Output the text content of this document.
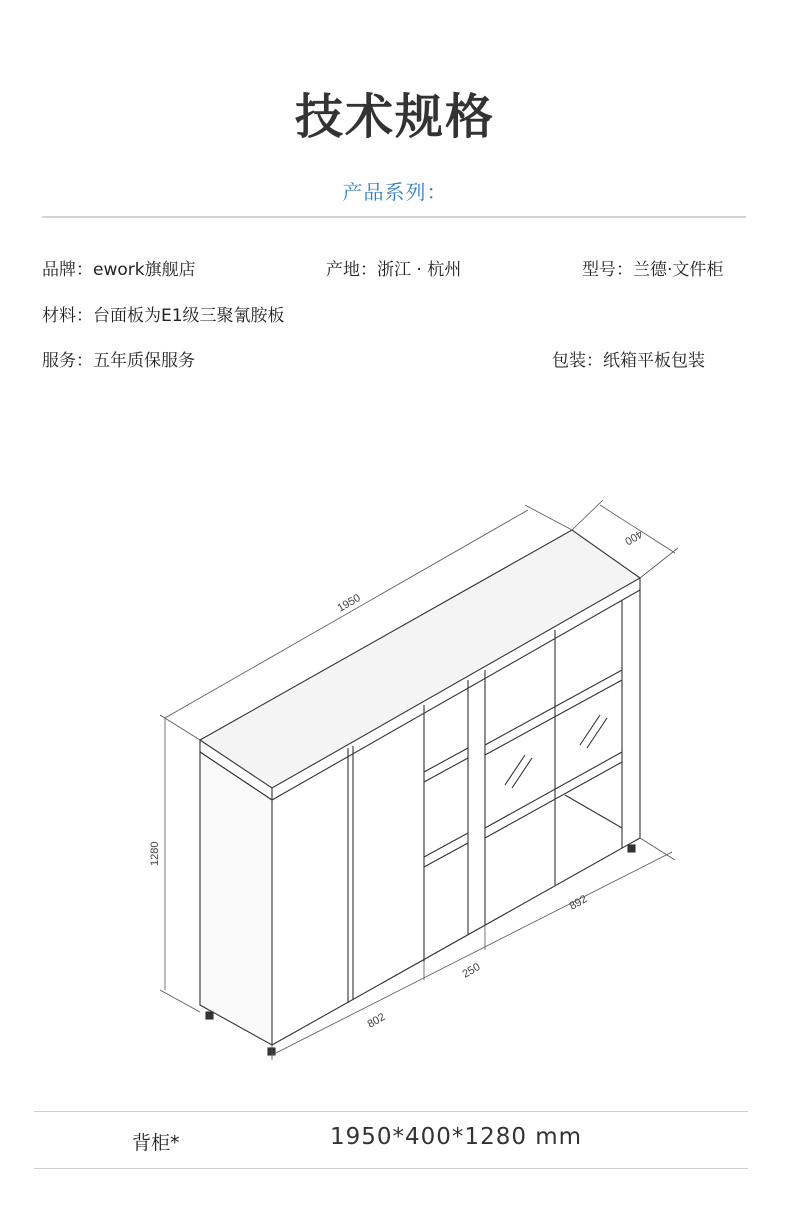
技术规格
产品系列：
品牌：ework旗舰店	产地：浙江 · 杭州	型号：兰德·文件柜
材料：台面板为E1级三聚氰胺板
服务：五年质保服务	包装：纸箱平板包装
1950
400
1280
802
250
892
背柜*	1950*400*1280 mm
